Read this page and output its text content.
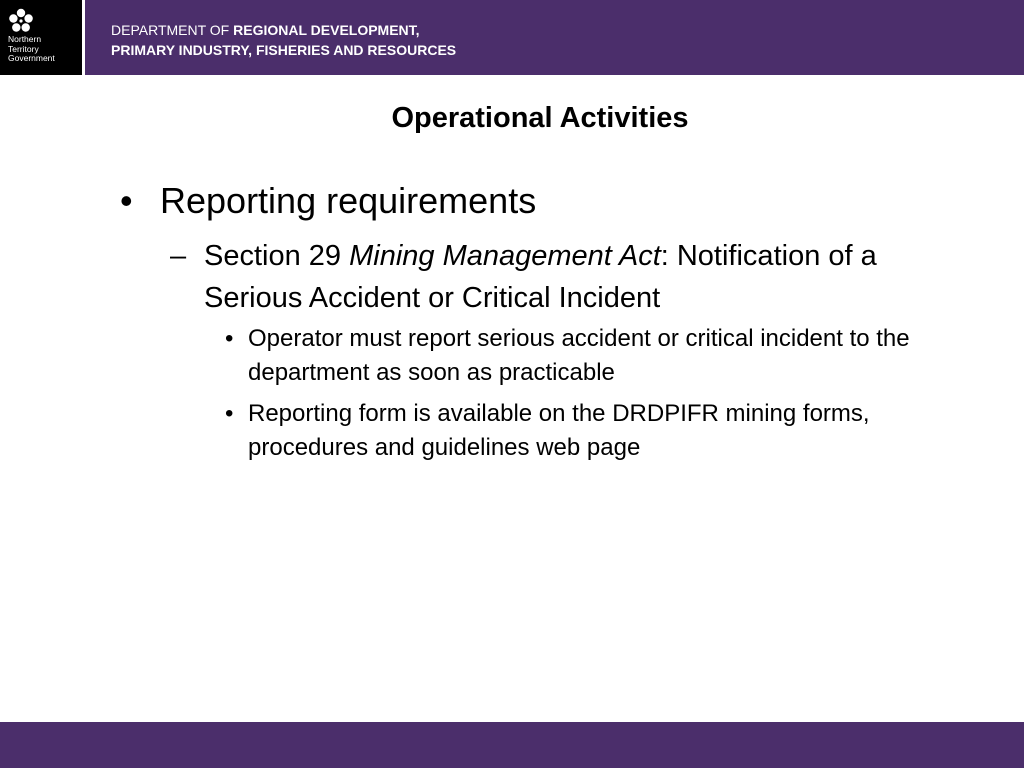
Northern
Territory
Government
DEPARTMENT OF REGIONAL DEVELOPMENT,
PRIMARY INDUSTRY, FISHERIES AND RESOURCES
Operational Activities
• Reporting requirements
– Section 29 Mining Management Act: Notification of a Serious Accident or Critical Incident
• Operator must report serious accident or critical incident to the department as soon as practicable
• Reporting form is available on the DRDPIFR mining forms, procedures and guidelines web page
